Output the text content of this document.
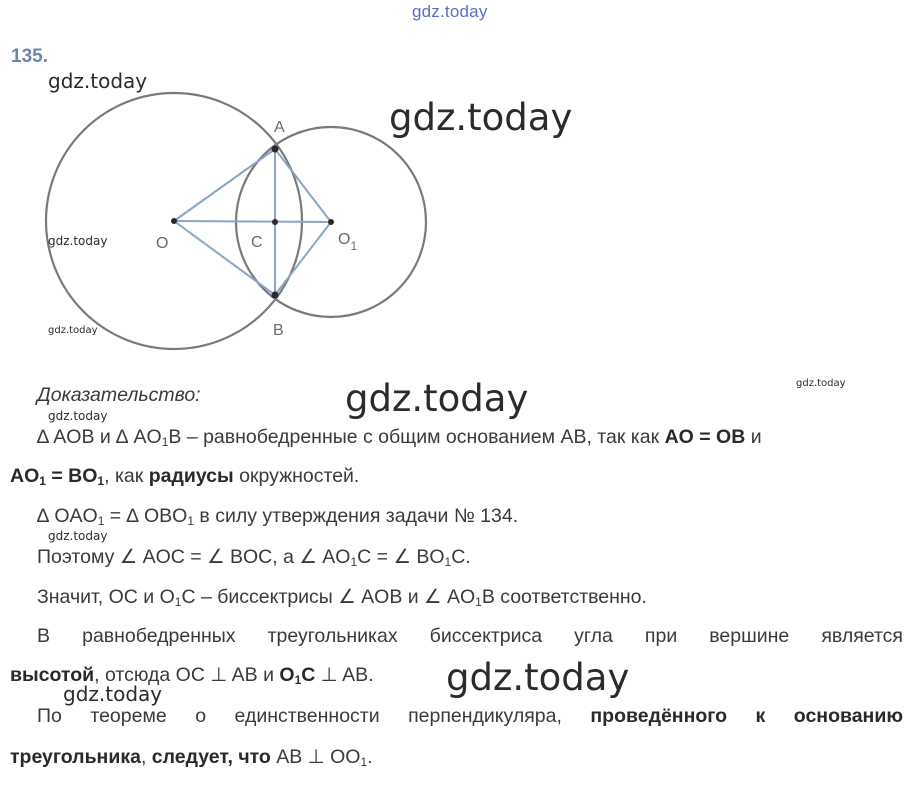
gdz.today
135.
A
B
C
O	$O_1$
gdz.today
gdz.today
gdz.today
gdz.today
gdz.today
gdz.today
gdz.today
gdz.today
gdz.today
gdz.today
Доказательство:
∆ AOB и ∆ $AO_1B$ – равнобедренные с общим основанием AB, так как AO = OB и
$AO_1 = BO_1$, как радиусы окружностей.
∆ $OAO_1$ = ∆ $OBO_1$ в силу утверждения задачи № 134.
Поэтому ∠ AOC = ∠ BOC, а ∠ $AO_1C$ = ∠ $BO_1C$.
Значит, OC и $O_1C$ – биссектрисы ∠ AOB и ∠ $AO_1B$ соответственно.
В равнобедренных треугольниках биссектриса угла при вершине является
высотой, отсюда OC ⊥ AB и $O_1C$ ⊥ AB.
По теореме о единственности перпендикуляра, проведённого к основанию
треугольника, следует, что AB ⊥ $OO_1$.
